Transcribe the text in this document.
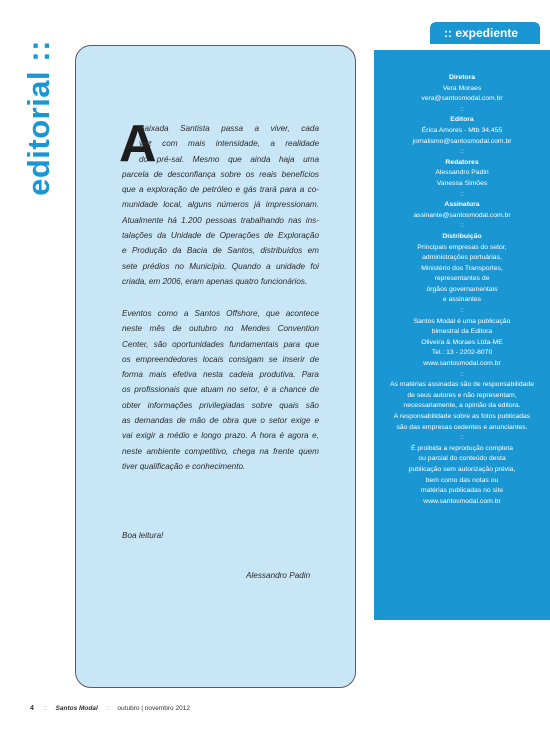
editorial ::
:: expediente
Diretora
Vera Moraes
vera@santosmodal.com.br
::
Editora
Érica Amores - Mtb 34.455
jornalismo@santosmodal.com.br
::
Redatores
Alessandro Padin
Vanessa Simões
::
Assinatura
assinante@santosmodal.com.br
::
Distribuição
Principais empresas do setor,
administrações portuárias,
Ministério dos Transportes,
representantes de
órgãos governamentais
e assinantes
::
Santos Modal é uma publicação
bimestral da Editora
Oliveira & Moraes Ltda-ME
Tel.: 13 - 2202-8070
www.santosmodal.com.br
::
As matérias assinadas são de responsabilidade
de seus autores e não representam,
necessariamente, a opinião da editora.
A responsabilidade sobre as fotos publicadas
são das empresas cedentes e anunciantes.
::
É proibida a reprodução completa
ou parcial do conteúdo desta
publicação sem autorização prévia,
bem como das notas ou
matérias publicadas no site
www.santosmodal.com.br
A
Baixada Santista passa a viver, cada
vez com mais intensidade, a realidade
do pré-sal. Mesmo que ainda haja uma
parcela de desconfiança sobre os reais benefícios
que a exploração de petróleo e gás trará para a co-
munidade local, alguns números já impressionam.
Atualmente há 1.200 pessoas trabalhando nas ins-
talações da Unidade de Operações de Exploração
e Produção da Bacia de Santos, distribuídos em
sete prédios no Município. Quando a unidade foi
criada, em 2006, eram apenas quatro funcionários.
Eventos como a Santos Offshore, que acontece
neste mês de outubro no Mendes Convention
Center, são oportunidades fundamentais para que
os empreendedores locais consigam se inserir de
forma mais efetiva nesta cadeia produtiva. Para
os profissionais que atuam no setor, é a chance de
obter informações privilegiadas sobre quais são
as demandas de mão de obra que o setor exige e
vai exigir a médio e longo prazo. A hora é agora e,
neste ambiente competitivo, chega na frente quem
tiver qualificação e conhecimento.

Boa leitura!

Alessandro Padin

4 :: Santos Modal :: outubro | novembro 2012
